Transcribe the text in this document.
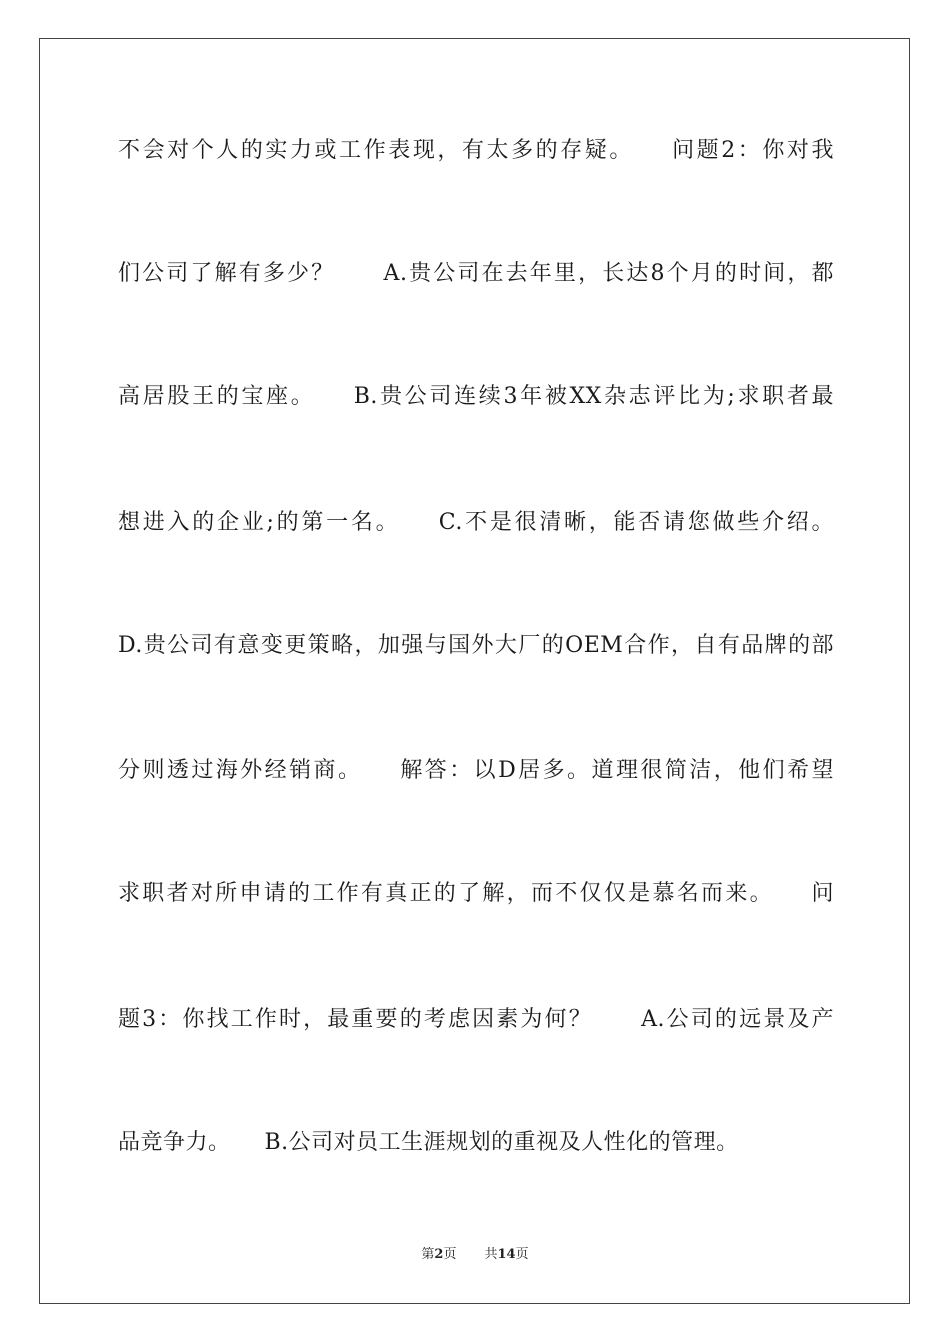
不会对个人的实力或工作表现，有太多的存疑。　　问题2：你对我
们公司了解有多少？　　A.贵公司在去年里，长达8个月的时间，都
高居股王的宝座。　　B.贵公司连续3年被XX杂志评比为;求职者最
想进入的企业;的第一名。　　C.不是很清晰，能否请您做些介绍。
D.贵公司有意变更策略，加强与国外大厂的OEM合作，自有品牌的部
分则透过海外经销商。　　解答：以D居多。道理很简洁，他们希望
求职者对所申请的工作有真正的了解，而不仅仅是慕名而来。　　问
题3：你找工作时，最重要的考虑因素为何？　　A.公司的远景及产
品竞争力。　　B.公司对员工生涯规划的重视及人性化的管理。
第2页 共14页
